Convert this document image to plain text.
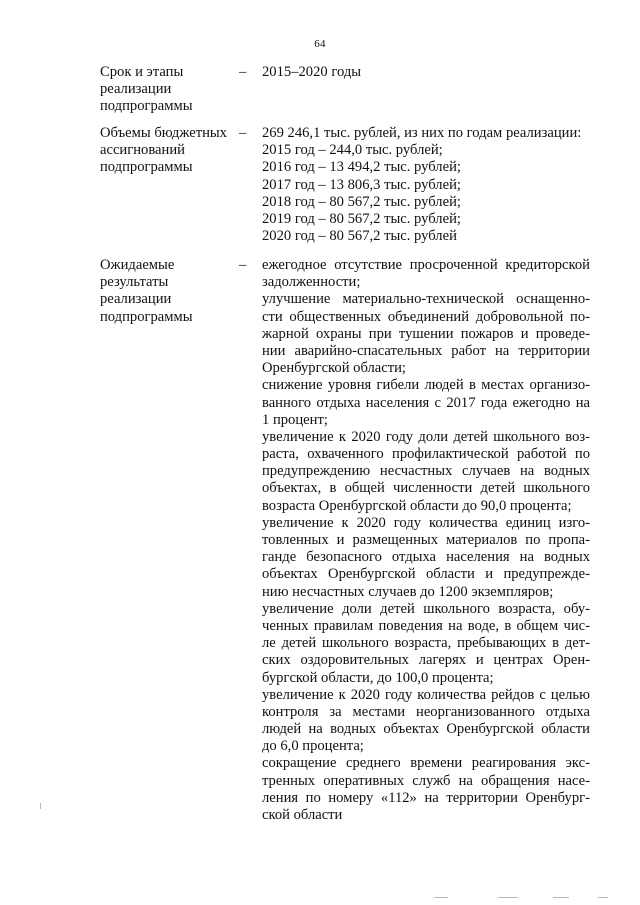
64
Срок и этапы
реализации
подпрограммы
– 2015–2020 годы
Объемы бюджетных
ассигнований
подпрограммы
– 269 246,1 тыс. рублей, из них по годам реализации:
2015 год – 244,0 тыс. рублей;
2016 год – 13 494,2 тыс. рублей;
2017 год – 13 806,3 тыс. рублей;
2018 год – 80 567,2 тыс. рублей;
2019 год – 80 567,2 тыс. рублей;
2020 год – 80 567,2 тыс. рублей
Ожидаемые
результаты
реализации
подпрограммы
– ежегодное отсутствие просроченной кредиторской
задолженности;
улучшение материально-технической оснащенно-
сти общественных объединений добровольной по-
жарной охраны при тушении пожаров и проведе-
нии аварийно-спасательных работ на территории
Оренбургской области;
снижение уровня гибели людей в местах организо-
ванного отдыха населения с 2017 года ежегодно на
1 процент;
увеличение к 2020 году доли детей школьного воз-
раста, охваченного профилактической работой по
предупреждению несчастных случаев на водных
объектах, в общей численности детей школьного
возраста Оренбургской области до 90,0 процента;
увеличение к 2020 году количества единиц изго-
товленных и размещенных материалов по пропа-
ганде безопасного отдыха населения на водных
объектах Оренбургской области и предупрежде-
нию несчастных случаев до 1200 экземпляров;
увеличение доли детей школьного возраста, обу-
ченных правилам поведения на воде, в общем чис-
ле детей школьного возраста, пребывающих в дет-
ских оздоровительных лагерях и центрах Орен-
бургской области, до 100,0 процента;
увеличение к 2020 году количества рейдов с целью
контроля за местами неорганизованного отдыха
людей на водных объектах Оренбургской области
до 6,0 процента;
сокращение среднего времени реагирования экс-
тренных оперативных служб на обращения насе-
ления по номеру «112» на территории Оренбург-
ской области
